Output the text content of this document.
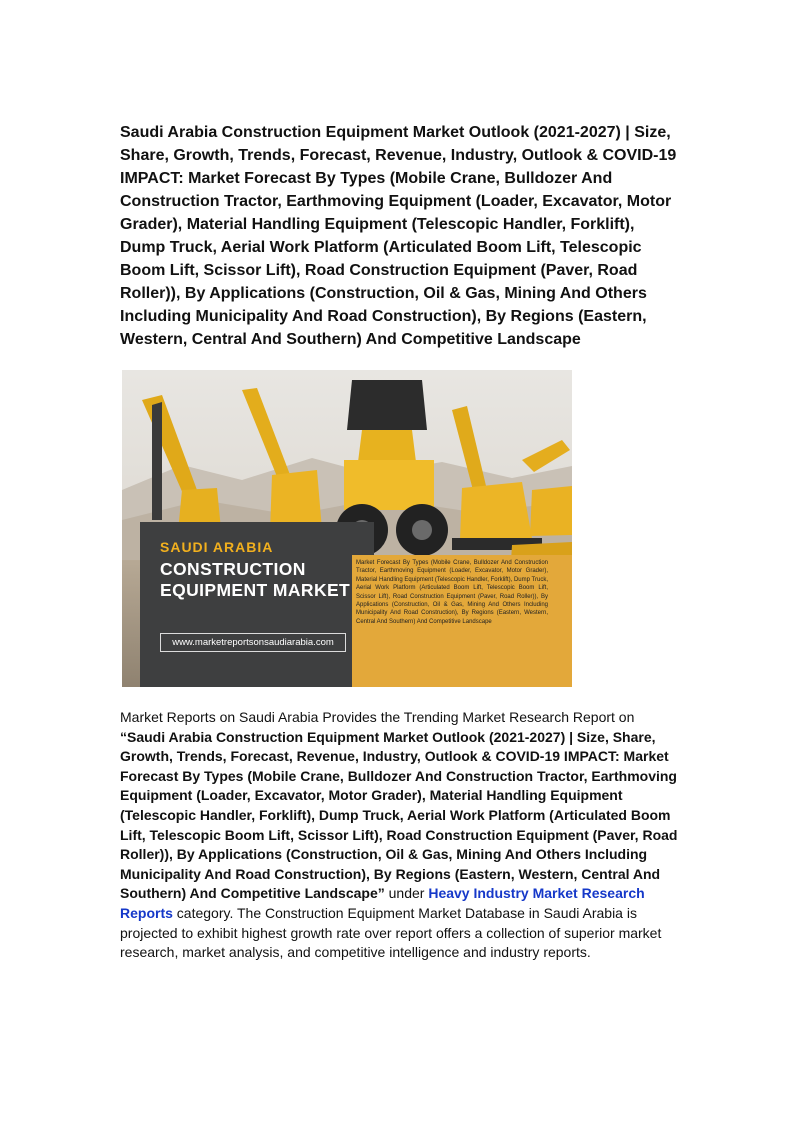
Saudi Arabia Construction Equipment Market Outlook (2021-2027) | Size, Share, Growth, Trends, Forecast, Revenue, Industry, Outlook & COVID-19 IMPACT: Market Forecast By Types (Mobile Crane, Bulldozer And Construction Tractor, Earthmoving Equipment (Loader, Excavator, Motor Grader), Material Handling Equipment (Telescopic Handler, Forklift), Dump Truck, Aerial Work Platform (Articulated Boom Lift, Telescopic Boom Lift, Scissor Lift), Road Construction Equipment (Paver, Road Roller)), By Applications (Construction, Oil & Gas, Mining And Others Including Municipality And Road Construction), By Regions (Eastern, Western, Central And Southern) And Competitive Landscape
SAUDI ARABIA
CONSTRUCTION EQUIPMENT MARKET
www.marketreportsonsaudiarabia.com
Market Forecast By Types (Mobile Crane, Bulldozer And Construction Tractor, Earthmoving Equipment (Loader, Excavator, Motor Grader), Material Handling Equipment (Telescopic Handler, Forklift), Dump Truck, Aerial Work Platform (Articulated Boom Lift, Telescopic Boom Lift, Scissor Lift), Road Construction Equipment (Paver, Road Roller)), By Applications (Construction, Oil & Gas, Mining And Others Including Municipality And Road Construction), By Regions (Eastern, Western, Central And Southern) And Competitive Landscape

Market Reports on Saudi Arabia Provides the Trending Market Research Report on “Saudi Arabia Construction Equipment Market Outlook (2021-2027) | Size, Share, Growth, Trends, Forecast, Revenue, Industry, Outlook & COVID-19 IMPACT: Market Forecast By Types (Mobile Crane, Bulldozer And Construction Tractor, Earthmoving Equipment (Loader, Excavator, Motor Grader), Material Handling Equipment (Telescopic Handler, Forklift), Dump Truck, Aerial Work Platform (Articulated Boom Lift, Telescopic Boom Lift, Scissor Lift), Road Construction Equipment (Paver, Road Roller)), By Applications (Construction, Oil & Gas, Mining And Others Including Municipality And Road Construction), By Regions (Eastern, Western, Central And Southern) And Competitive Landscape” under Heavy Industry Market Research Reports category. The Construction Equipment Market Database in Saudi Arabia is projected to exhibit highest growth rate over report offers a collection of superior market research, market analysis, and competitive intelligence and industry reports.
